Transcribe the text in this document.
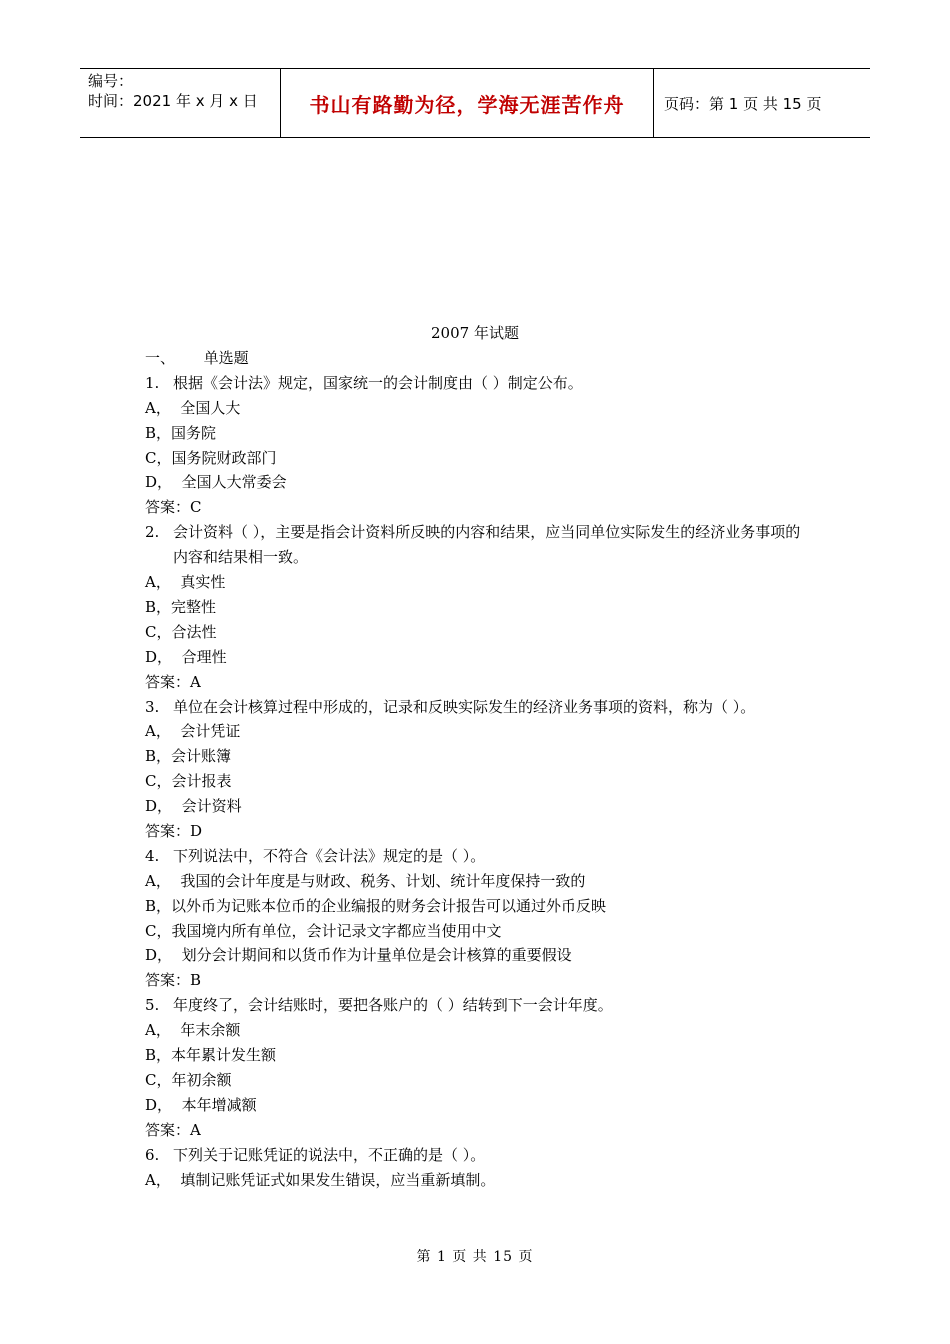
编号：
时间：2021 年 x 月 x 日	书山有路勤为径，学海无涯苦作舟	页码：第 1 页 共 15 页
2007 年试题
一、      单选题
1. 根据《会计法》规定，国家统一的会计制度由（ ）制定公布。
A，  全国人大
B，国务院
C，国务院财政部门
D，  全国人大常委会
答案：C
2. 会计资料（ ），主要是指会计资料所反映的内容和结果，应当同单位实际发生的经济业务事项的内容和结果相一致。
A，  真实性
B，完整性
C，合法性
D，  合理性
答案：A
3. 单位在会计核算过程中形成的，记录和反映实际发生的经济业务事项的资料，称为（ ）。
A，  会计凭证
B，会计账簿
C，会计报表
D，  会计资料
答案：D
4. 下列说法中，不符合《会计法》规定的是（ ）。
A，  我国的会计年度是与财政、税务、计划、统计年度保持一致的
B，以外币为记账本位币的企业编报的财务会计报告可以通过外币反映
C，我国境内所有单位，会计记录文字都应当使用中文
D，  划分会计期间和以货币作为计量单位是会计核算的重要假设
答案：B
5. 年度终了，会计结账时，要把各账户的（ ）结转到下一会计年度。
A，  年末余额
B，本年累计发生额
C，年初余额
D，  本年增减额
答案：A
6. 下列关于记账凭证的说法中，不正确的是（ ）。
A，  填制记账凭证式如果发生错误，应当重新填制。
第 1 页 共 15 页
